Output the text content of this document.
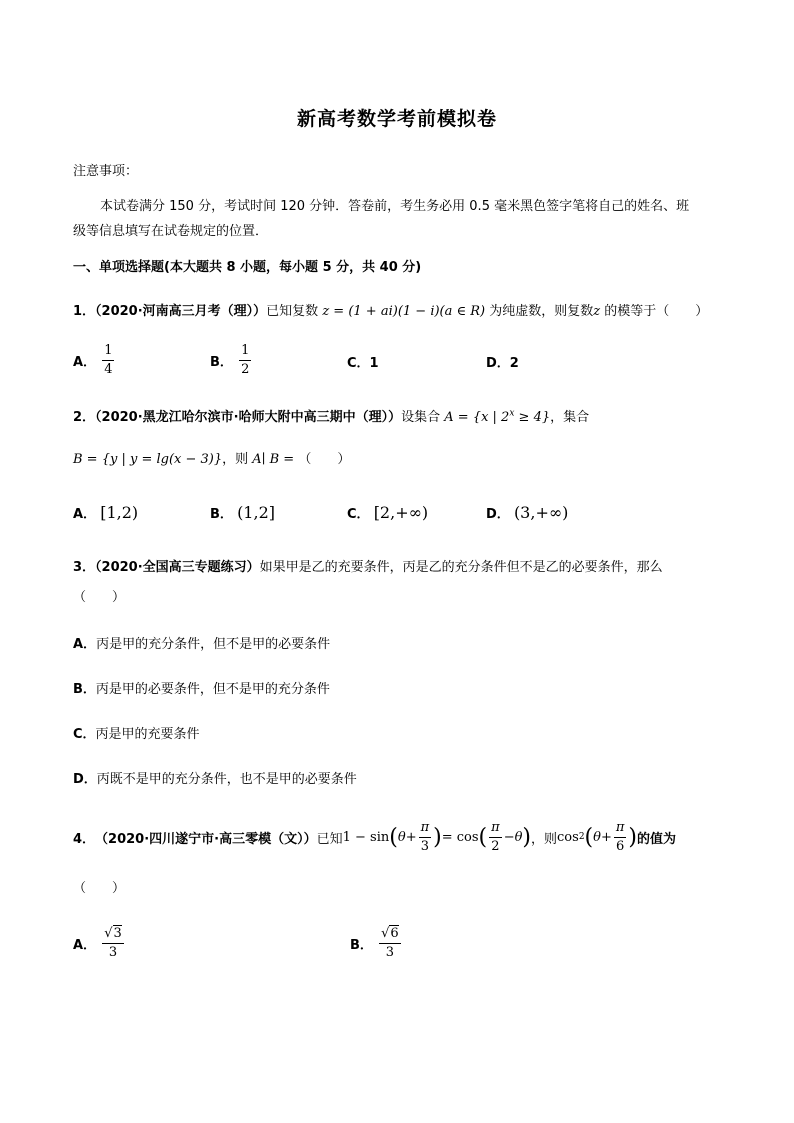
新高考数学考前模拟卷
注意事项：
本试卷满分 150 分，考试时间 120 分钟．答卷前，考生务必用 0.5 毫米黑色签字笔将自己的姓名、班
级等信息填写在试卷规定的位置．
一、单项选择题(本大题共 8 小题，每小题 5 分，共 40 分)
1．（2020·河南高三月考（理））已知复数 z = (1 + ai)(1 − i)(a ∈ R) 为纯虚数，则复数z 的模等于（　　）
A． $\frac{1}{4}$	B． $\frac{1}{2}$	C．1	D．2
2．（2020·黑龙江哈尔滨市·哈师大附中高三期中（理））设集合 A = {x | $2^x \ge 4$}，集合
B = {y | y = lg(x − 3)}，则 A∣ B = （　　）
A． [1,2)	B． (1,2]	C． [2,+∞)	D． (3,+∞)
3．（2020·全国高三专题练习）如果甲是乙的充要条件，丙是乙的充分条件但不是乙的必要条件，那么
（　　）
A．丙是甲的充分条件，但不是甲的必要条件
B．丙是甲的必要条件，但不是甲的充分条件
C．丙是甲的充要条件
D．丙既不是甲的充分条件，也不是甲的必要条件
4． （2020·四川遂宁市·高三零模（文）） 已知 1 − sin ( $\theta + \frac{\pi}{3}$ ) = cos ( $\frac{\pi}{2} - \theta$ ) ，则 cos 2 ( $\theta + \frac{\pi}{6}$ ) 的值为
（　　）
A． $\frac{√3}{3}$	B． $\frac{√6}{3}$
